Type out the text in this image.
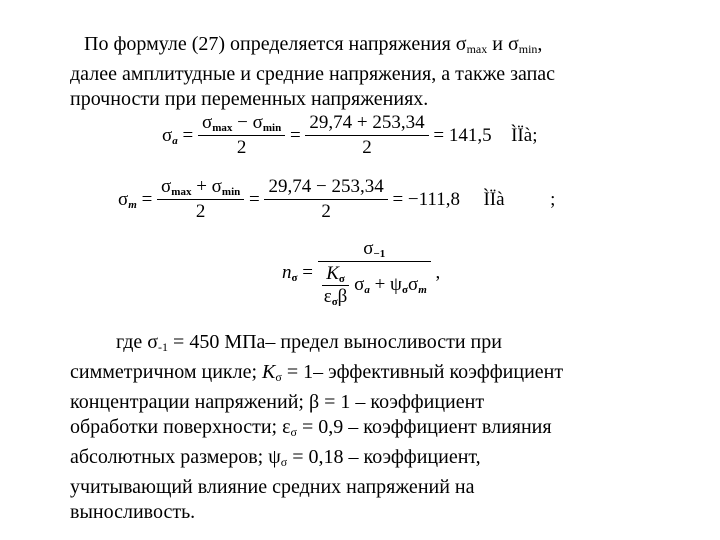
По формуле (27) определяется напряжения $\sigma_{max}$ и $\sigma_{min}$,
далее амплитудные и средние напряжения, а также запас
прочности при переменных напряжениях.
$\sigma_a = \frac{\sigma_{max} - \sigma_{min}}{2} = \frac{29,74 + 253,34}{2} = 141,5$ ÌÏà;
$\sigma_m = \frac{\sigma_{max} + \sigma_{min}}{2} = \frac{29,74 - 253,34}{2} = -111,8$ ÌÏà ;
$n_\sigma = \frac{\sigma_{-1}}{\frac{K_\sigma}{\varepsilon_\sigma\beta} \sigma_a + \psi_\sigma\sigma_m}$ ,
где $\sigma_{-1} = 450$ МПа– предел выносливости при
симметричном цикле; $K_\sigma = 1-$ эффективный коэффициент
концентрации напряжений; β = 1 – коэффициент
обработки поверхности; $\varepsilon_\sigma = 0,9$ – коэффициент влияния
абсолютных размеров; $\psi_\sigma = 0,18$ – коэффициент,
учитывающий влияние средних напряжений на
выносливость.
